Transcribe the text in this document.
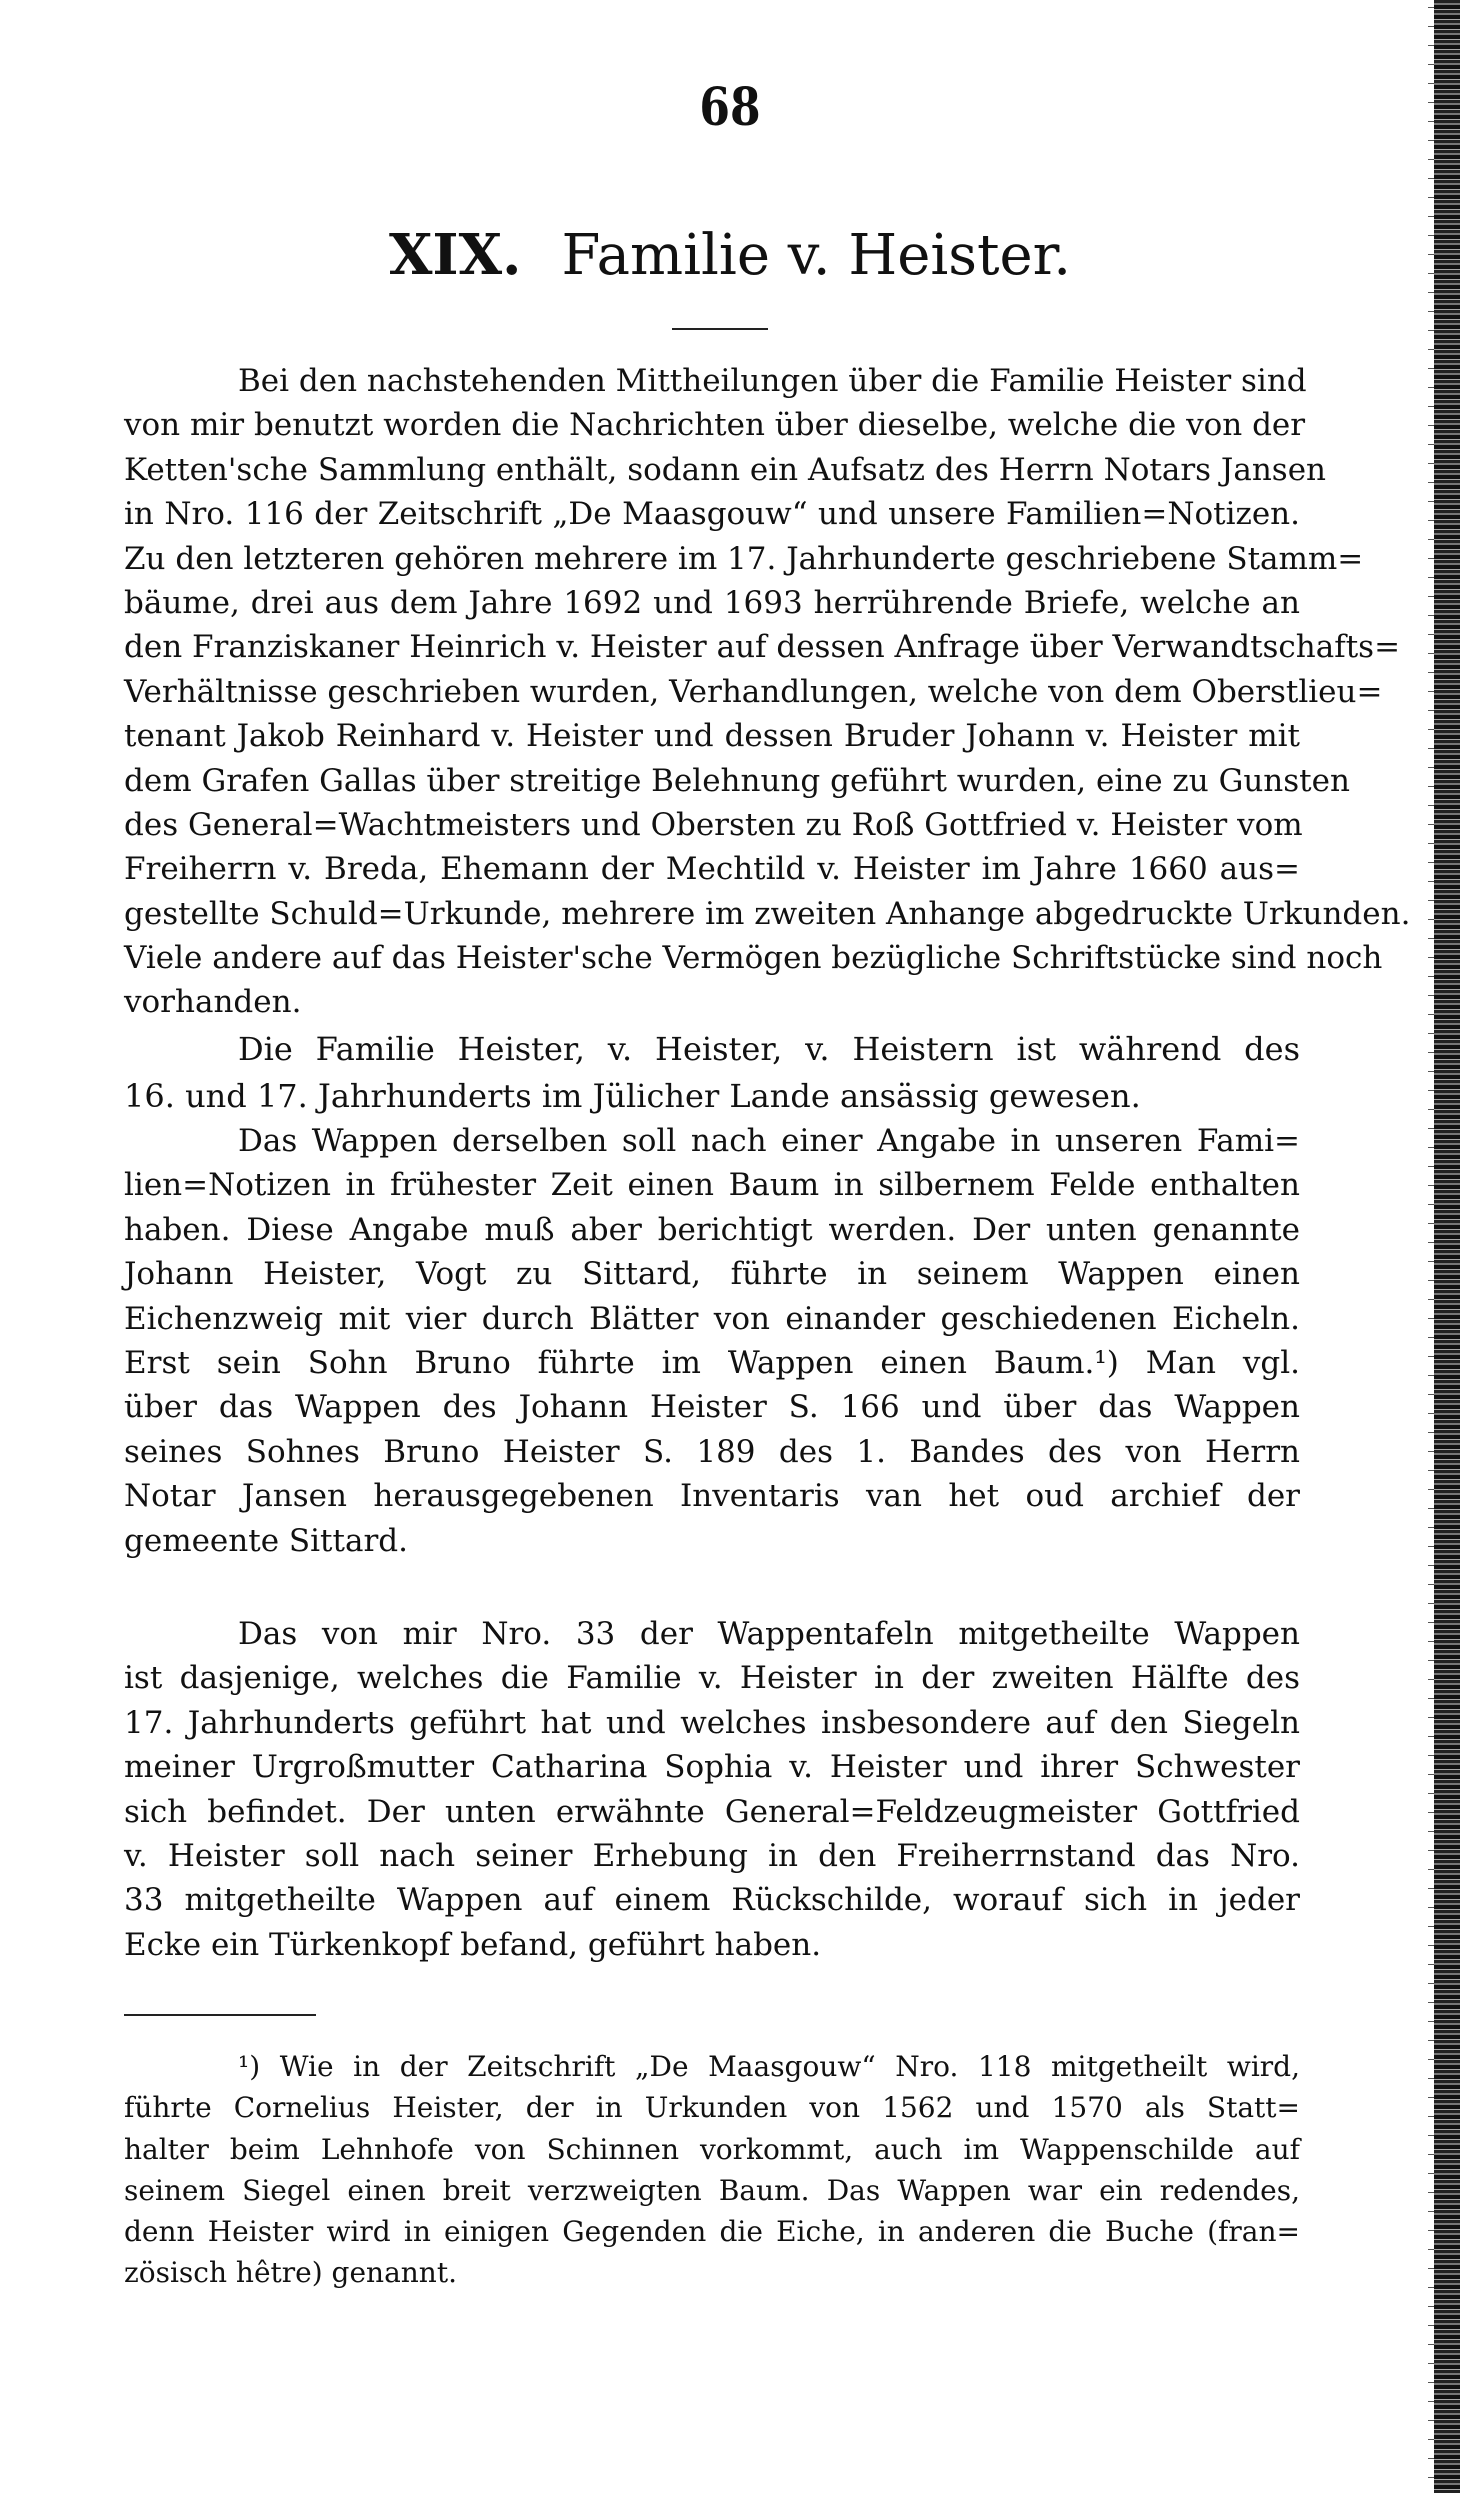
68
XIX. Familie v. Heister.
Bei den nachstehenden Mittheilungen über die Familie Heister sind
von mir benutzt worden die Nachrichten über dieselbe, welche die von der
Ketten'sche Sammlung enthält, sodann ein Aufsatz des Herrn Notars Jansen
in Nro. 116 der Zeitschrift „De Maasgouw“ und unsere Familien=Notizen.
Zu den letzteren gehören mehrere im 17. Jahrhunderte geschriebene Stamm=
bäume, drei aus dem Jahre 1692 und 1693 herrührende Briefe, welche an
den Franziskaner Heinrich v. Heister auf dessen Anfrage über Verwandtschafts=
Verhältnisse geschrieben wurden, Verhandlungen, welche von dem Oberstlieu=
tenant Jakob Reinhard v. Heister und dessen Bruder Johann v. Heister mit
dem Grafen Gallas über streitige Belehnung geführt wurden, eine zu Gunsten
des General=Wachtmeisters und Obersten zu Roß Gottfried v. Heister vom
Freiherrn v. Breda, Ehemann der Mechtild v. Heister im Jahre 1660 aus=
gestellte Schuld=Urkunde, mehrere im zweiten Anhange abgedruckte Urkunden.
Viele andere auf das Heister'sche Vermögen bezügliche Schriftstücke sind noch
vorhanden.
Die Familie Heister, v. Heister, v. Heistern ist während des
16. und 17. Jahrhunderts im Jülicher Lande ansässig gewesen.
Das Wappen derselben soll nach einer Angabe in unseren Fami=
lien=Notizen in frühester Zeit einen Baum in silbernem Felde enthalten
haben. Diese Angabe muß aber berichtigt werden. Der unten genannte
Johann Heister, Vogt zu Sittard, führte in seinem Wappen einen
Eichenzweig mit vier durch Blätter von einander geschiedenen Eicheln.
Erst sein Sohn Bruno führte im Wappen einen Baum.¹) Man vgl.
über das Wappen des Johann Heister S. 166 und über das Wappen
seines Sohnes Bruno Heister S. 189 des 1. Bandes des von Herrn
Notar Jansen herausgegebenen Inventaris van het oud archief der
gemeente Sittard.
Das von mir Nro. 33 der Wappentafeln mitgetheilte Wappen
ist dasjenige, welches die Familie v. Heister in der zweiten Hälfte des
17. Jahrhunderts geführt hat und welches insbesondere auf den Siegeln
meiner Urgroßmutter Catharina Sophia v. Heister und ihrer Schwester
sich befindet. Der unten erwähnte General=Feldzeugmeister Gottfried
v. Heister soll nach seiner Erhebung in den Freiherrnstand das Nro.
33 mitgetheilte Wappen auf einem Rückschilde, worauf sich in jeder
Ecke ein Türkenkopf befand, geführt haben.
¹) Wie in der Zeitschrift „De Maasgouw“ Nro. 118 mitgetheilt wird,
führte Cornelius Heister, der in Urkunden von 1562 und 1570 als Statt=
halter beim Lehnhofe von Schinnen vorkommt, auch im Wappenschilde auf
seinem Siegel einen breit verzweigten Baum. Das Wappen war ein redendes,
denn Heister wird in einigen Gegenden die Eiche, in anderen die Buche (fran=
zösisch hêtre) genannt.
